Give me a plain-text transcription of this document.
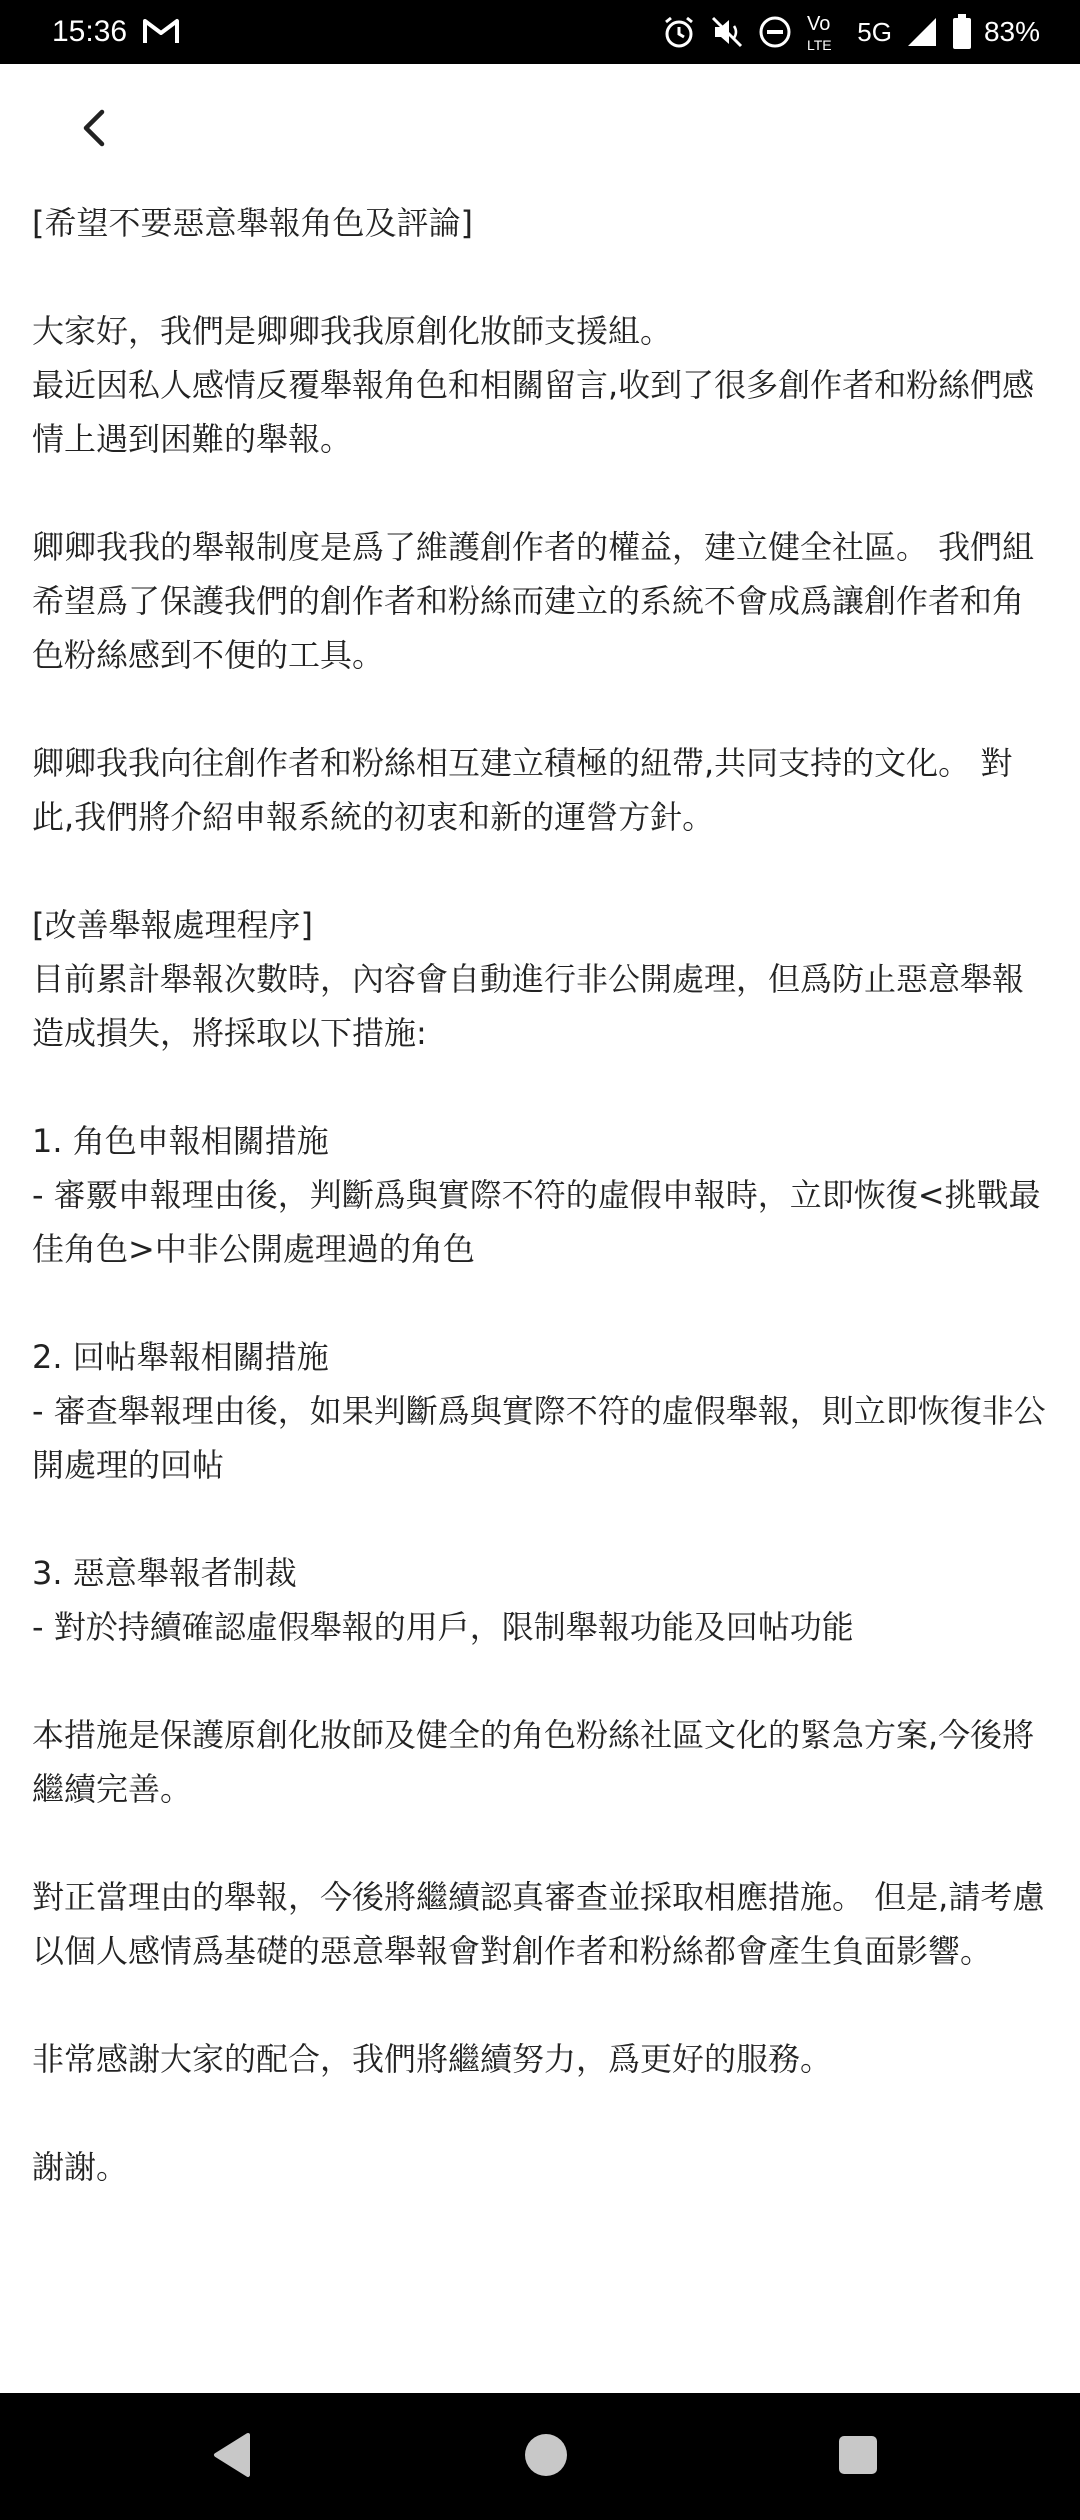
15:36	Vo
LTE 5G	83%

[希望不要惡意舉報角色及評論]

大家好，我們是卿卿我我原創化妝師支援組。
最近因私人感情反覆舉報角色和相關留言,收到了很多創作者和粉絲們感情上遇到困難的舉報。

卿卿我我的舉報制度是爲了維護創作者的權益，建立健全社區。 我們組希望爲了保護我們的創作者和粉絲而建立的系統不會成爲讓創作者和角色粉絲感到不便的工具。

卿卿我我向往創作者和粉絲相互建立積極的紐帶,共同支持的文化。 對此,我們將介紹申報系統的初衷和新的運營方針。

[改善舉報處理程序]
目前累計舉報次數時，內容會自動進行非公開處理，但爲防止惡意舉報造成損失，將採取以下措施:

1. 角色申報相關措施
- 審覈申報理由後，判斷爲與實際不符的虛假申報時，立即恢復<挑戰最佳角色>中非公開處理過的角色

2. 回帖舉報相關措施
- 審查舉報理由後，如果判斷爲與實際不符的虛假舉報，則立即恢復非公開處理的回帖

3. 惡意舉報者制裁
- 對於持續確認虛假舉報的用戶，限制舉報功能及回帖功能

本措施是保護原創化妝師及健全的角色粉絲社區文化的緊急方案,今後將繼續完善。

對正當理由的舉報，今後將繼續認真審查並採取相應措施。 但是,請考慮以個人感情爲基礎的惡意舉報會對創作者和粉絲都會產生負面影響。

非常感謝大家的配合，我們將繼續努力，爲更好的服務。

謝謝。
